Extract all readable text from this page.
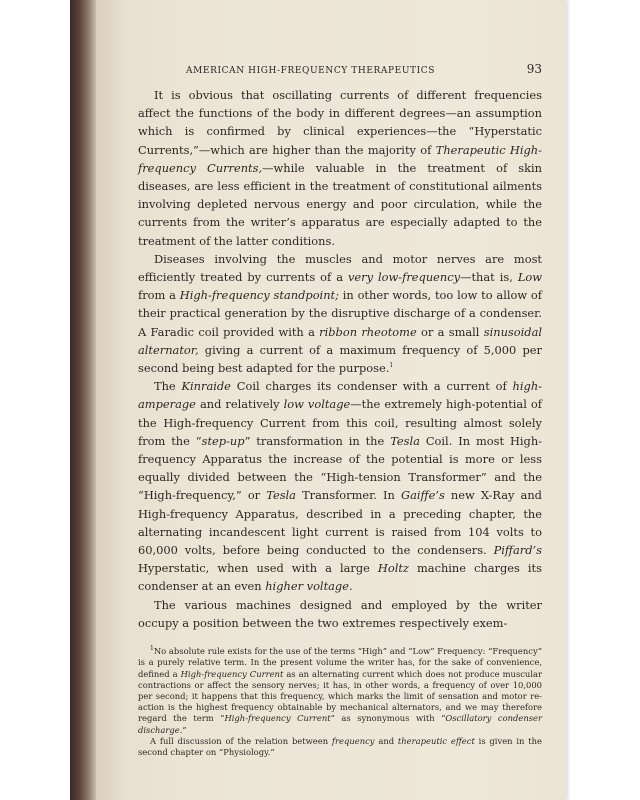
AMERICAN HIGH-FREQUENCY THERAPEUTICS	93

It is obvious that oscillating currents of different frequencies affect the functions of the body in different degrees—an assumption which is confirmed by clinical experiences—the “Hyperstatic Currents,”—which are higher than the majority of Therapeutic High-frequency Currents,—while valuable in the treatment of skin diseases, are less efficient in the treatment of constitutional ailments involving depleted nervous energy and poor circulation, while the currents from the writer’s apparatus are especially adapted to the treatment of the latter conditions.

Diseases involving the muscles and motor nerves are most efficiently treated by currents of a very low-frequency—that is, Low from a High-frequency standpoint; in other words, too low to allow of their practical generation by the disruptive discharge of a condenser. A Faradic coil provided with a ribbon rheotome or a small sinusoidal alternator, giving a current of a maximum frequency of 5,000 per second being best adapted for the purpose.$^1$

The Kinraide Coil charges its condenser with a current of high-amperage and relatively low voltage—the extremely high-potential of the High-frequency Current from this coil, resulting almost solely from the “step-up” transformation in the Tesla Coil. In most High-frequency Apparatus the increase of the potential is more or less equally divided between the “High-tension Transformer” and the “High-frequency,” or Tesla Transformer. In Gaiffe’s new X-Ray and High-frequency Apparatus, described in a preceding chapter, the alternating incandescent light current is raised from 104 volts to 60,000 volts, before being conducted to the condensers. Piffard’s Hyperstatic, when used with a large Holtz machine charges its condenser at an even higher voltage.

The various machines designed and employed by the writer occupy a position between the two extremes respectively exem-

$^1$No absolute rule exists for the use of the terms “High” and “Low” Frequency: “Frequency” is a purely relative term. In the present volume the writer has, for the sake of convenience, defined a High-frequency Current as an alternating current which does not produce muscular contractions or affect the sensory nerves; it has, in other words, a frequency of over 10,000 per second; it happens that this frequency, which marks the limit of sensation and motor re-action is the highest frequency obtainable by mechanical alternators, and we may therefore regard the term “High-frequency Current” as synonymous with “Oscillatory condenser discharge.”

A full discussion of the relation between frequency and therapeutic effect is given in the second chapter on “Physiology.”
